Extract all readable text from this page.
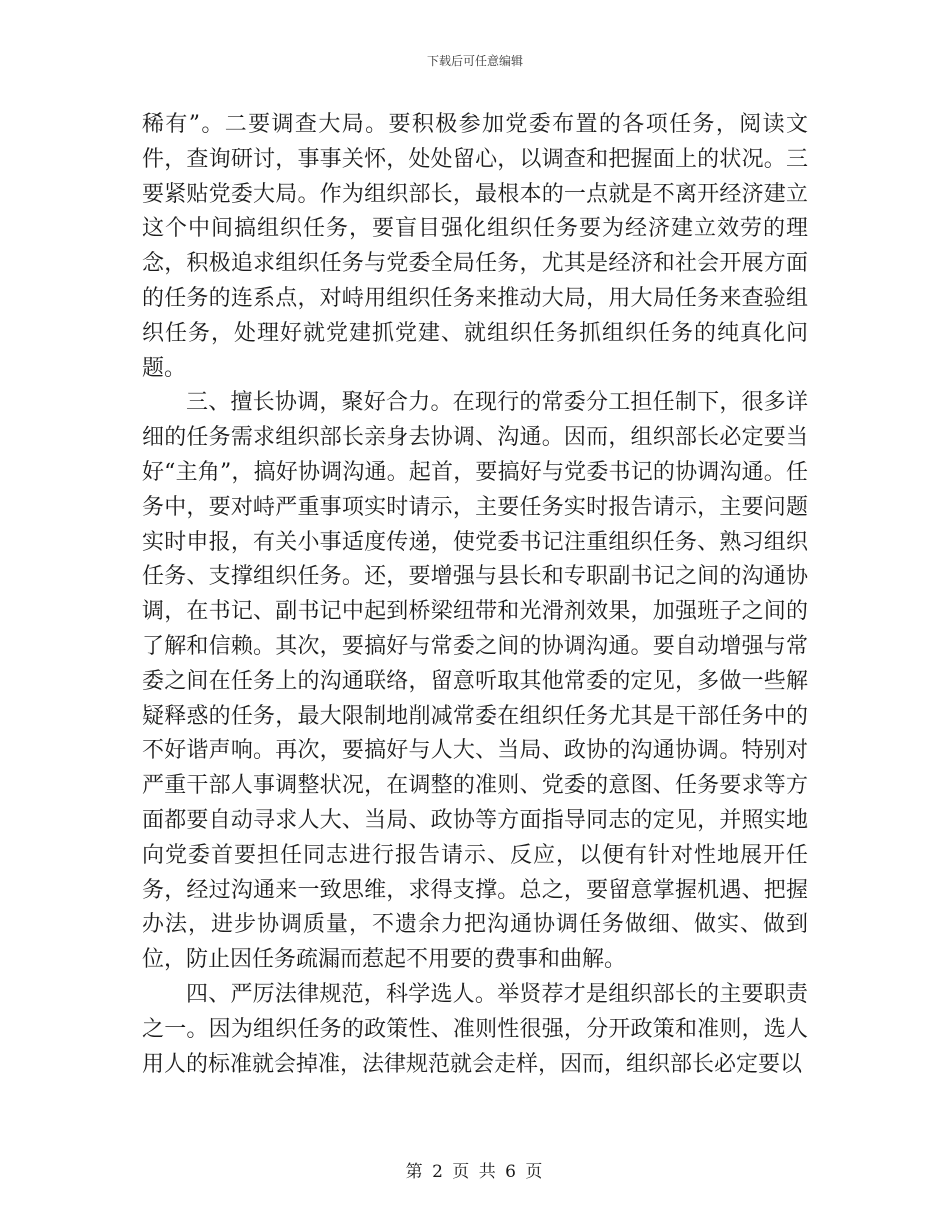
下载后可任意编辑

稀有”。二要调查大局。要积极参加党委布置的各项任务，阅读文件，查询研讨，事事关怀，处处留心，以调查和把握面上的状况。三要紧贴党委大局。作为组织部长，最根本的一点就是不离开经济建立这个中间搞组织任务，要盲目强化组织任务要为经济建立效劳的理念，积极追求组织任务与党委全局任务，尤其是经济和社会开展方面的任务的连系点，对峙用组织任务来推动大局，用大局任务来查验组织任务，处理好就党建抓党建、就组织任务抓组织任务的纯真化问题。

三、擅长协调，聚好合力。在现行的常委分工担任制下，很多详细的任务需求组织部长亲身去协调、沟通。因而，组织部长必定要当好“主角”，搞好协调沟通。起首，要搞好与党委书记的协调沟通。任务中，要对峙严重事项实时请示，主要任务实时报告请示，主要问题实时申报，有关小事适度传递，使党委书记注重组织任务、熟习组织任务、支撑组织任务。还，要增强与县长和专职副书记之间的沟通协调，在书记、副书记中起到桥梁纽带和光滑剂效果，加强班子之间的了解和信赖。其次，要搞好与常委之间的协调沟通。要自动增强与常委之间在任务上的沟通联络，留意听取其他常委的定见，多做一些解疑释惑的任务，最大限制地削减常委在组织任务尤其是干部任务中的不好谐声响。再次，要搞好与人大、当局、政协的沟通协调。特别对严重干部人事调整状况，在调整的准则、党委的意图、任务要求等方面都要自动寻求人大、当局、政协等方面指导同志的定见，并照实地向党委首要担任同志进行报告请示、反应，以便有针对性地展开任务，经过沟通来一致思维，求得支撑。总之，要留意掌握机遇、把握办法，进步协调质量，不遗余力把沟通协调任务做细、做实、做到位，防止因任务疏漏而惹起不用要的费事和曲解。

四、严厉法律规范，科学选人。举贤荐才是组织部长的主要职责之一。因为组织任务的政策性、准则性很强，分开政策和准则，选人用人的标准就会掉准，法律规范就会走样，因而，组织部长必定要以

第 2 页 共 6 页
